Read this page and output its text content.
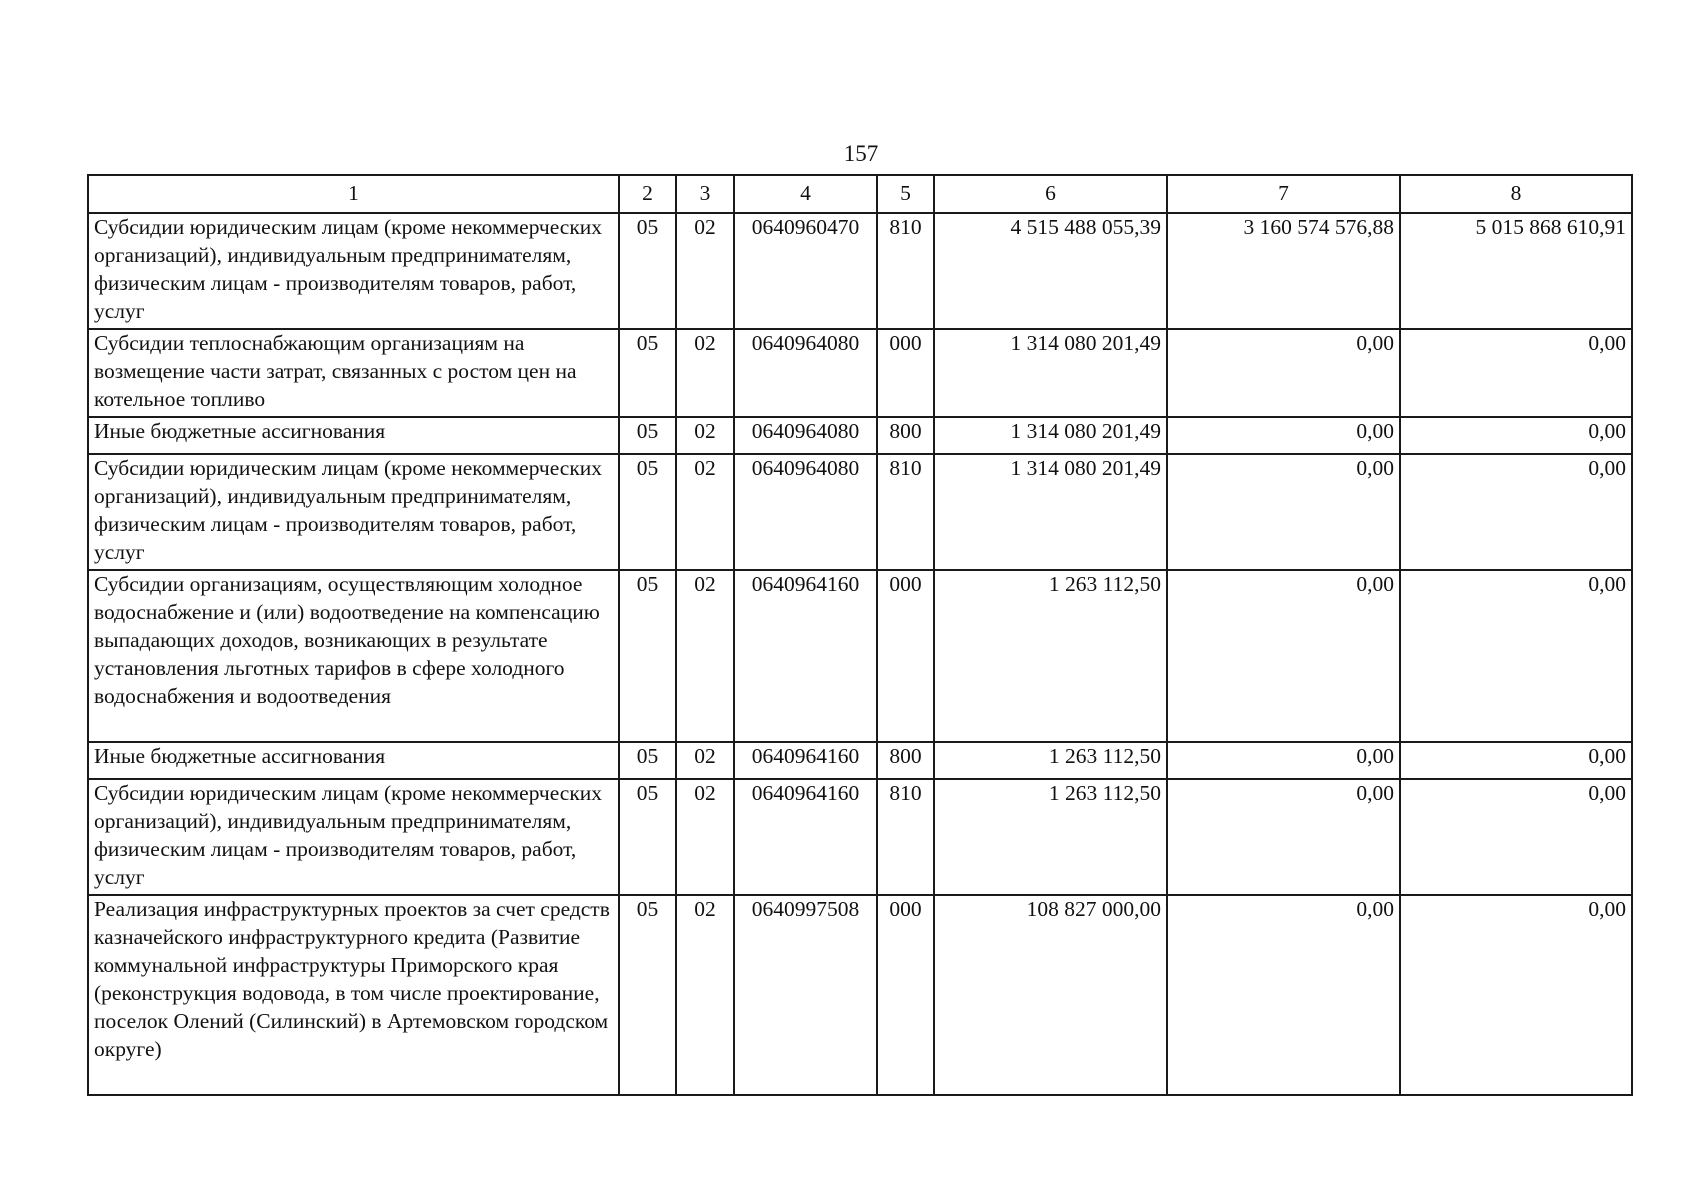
157
1	2	3	4	5	6	7	8
Субсидии юридическим лицам (кроме некоммерческих организаций), индивидуальным предпринимателям, физическим лицам - производителям товаров, работ, услуг	05	02	0640960470	810	4 515 488 055,39	3 160 574 576,88	5 015 868 610,91
Субсидии теплоснабжающим организациям на возмещение части затрат, связанных с ростом цен на котельное топливо	05	02	0640964080	000	1 314 080 201,49	0,00	0,00
Иные бюджетные ассигнования	05	02	0640964080	800	1 314 080 201,49	0,00	0,00
Субсидии юридическим лицам (кроме некоммерческих организаций), индивидуальным предпринимателям, физическим лицам - производителям товаров, работ, услуг	05	02	0640964080	810	1 314 080 201,49	0,00	0,00
Субсидии организациям, осуществляющим холодное водоснабжение и (или) водоотведение на компенсацию выпадающих доходов, возникающих в результате установления льготных тарифов в сфере холодного водоснабжения и водоотведения	05	02	0640964160	000	1 263 112,50	0,00	0,00
Иные бюджетные ассигнования	05	02	0640964160	800	1 263 112,50	0,00	0,00
Субсидии юридическим лицам (кроме некоммерческих организаций), индивидуальным предпринимателям, физическим лицам - производителям товаров, работ, услуг	05	02	0640964160	810	1 263 112,50	0,00	0,00
Реализация инфраструктурных проектов за счет средств казначейского инфраструктурного кредита (Развитие коммунальной инфраструктуры Приморского края (реконструкция водовода, в том числе проектирование, поселок Олений (Силинский) в Артемовском городском округе)	05	02	0640997508	000	108 827 000,00	0,00	0,00
